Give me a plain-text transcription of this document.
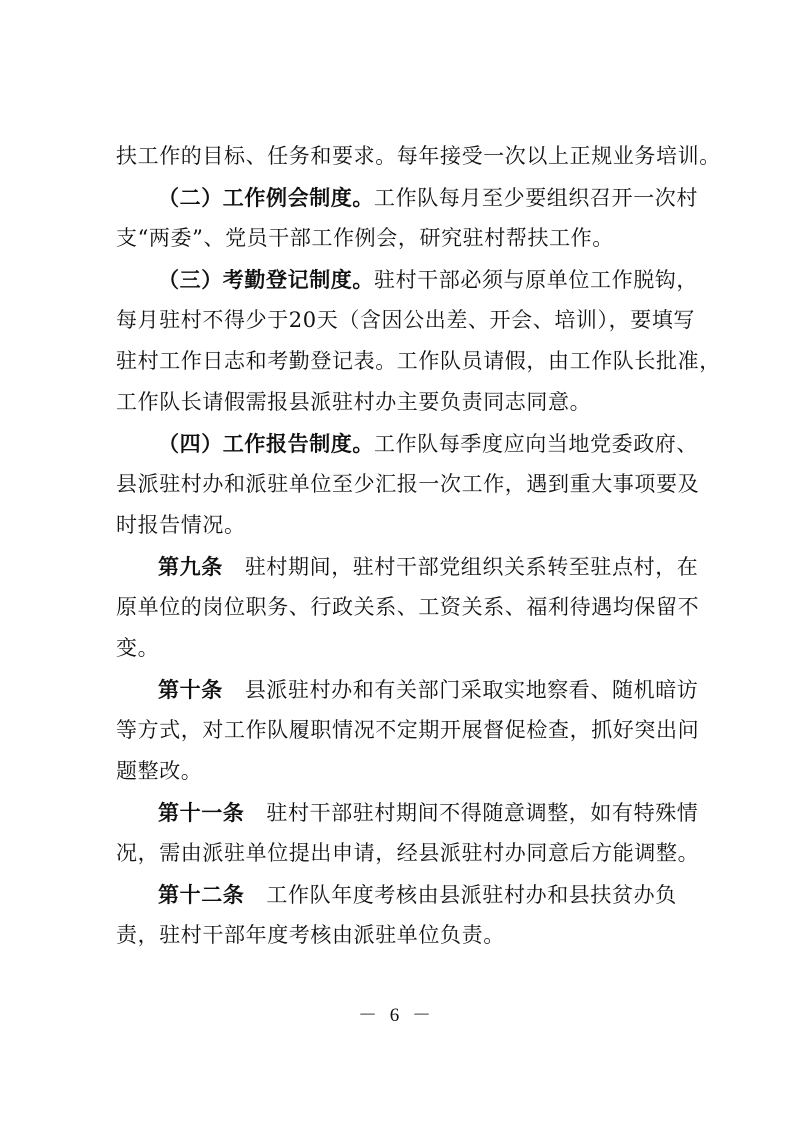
扶工作的目标、任务和要求。每年接受一次以上正规业务培训。
（二）工作例会制度。工作队每月至少要组织召开一次村
支“两委”、党员干部工作例会，研究驻村帮扶工作。
（三）考勤登记制度。驻村干部必须与原单位工作脱钩，
每月驻村不得少于20天（含因公出差、开会、培训），要填写
驻村工作日志和考勤登记表。工作队员请假，由工作队长批准，
工作队长请假需报县派驻村办主要负责同志同意。
（四）工作报告制度。工作队每季度应向当地党委政府、
县派驻村办和派驻单位至少汇报一次工作，遇到重大事项要及
时报告情况。
第九条 驻村期间，驻村干部党组织关系转至驻点村，在
原单位的岗位职务、行政关系、工资关系、福利待遇均保留不
变。
第十条 县派驻村办和有关部门采取实地察看、随机暗访
等方式，对工作队履职情况不定期开展督促检查，抓好突出问
题整改。
第十一条 驻村干部驻村期间不得随意调整，如有特殊情
况，需由派驻单位提出申请，经县派驻村办同意后方能调整。
第十二条 工作队年度考核由县派驻村办和县扶贫办负
责，驻村干部年度考核由派驻单位负责。
－ 6 －
